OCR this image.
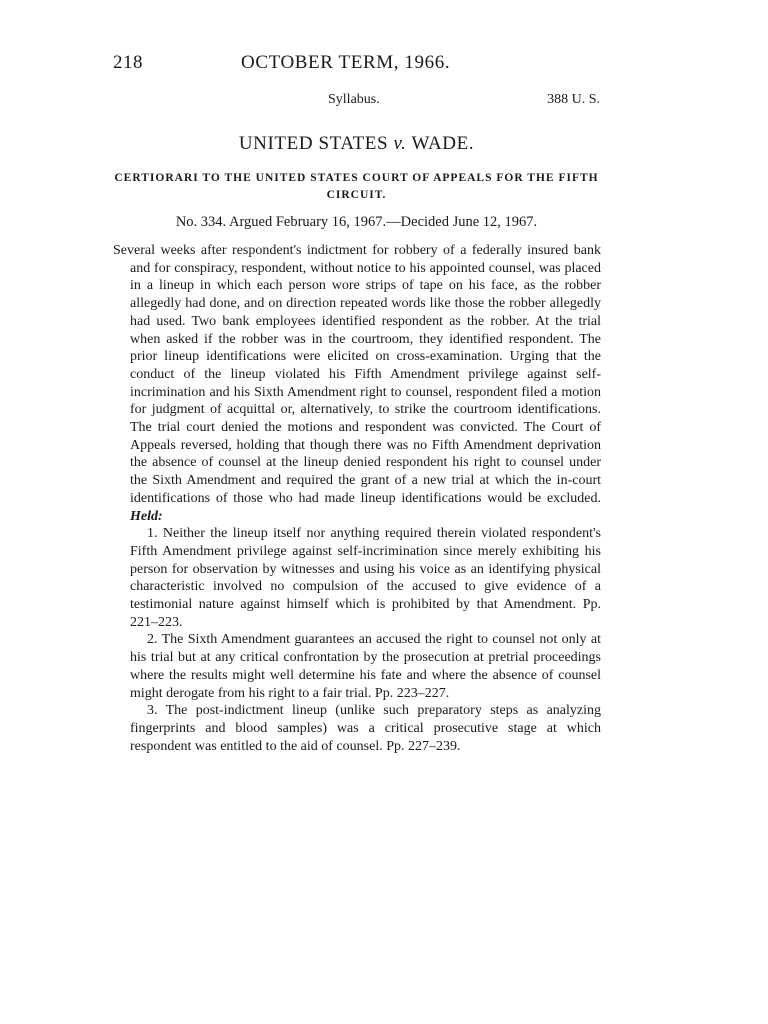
218	OCTOBER TERM, 1966.
Syllabus.	388 U. S.
UNITED STATES v. WADE.
CERTIORARI TO THE UNITED STATES COURT OF APPEALS FOR THE FIFTH CIRCUIT.
No. 334. Argued February 16, 1967.—Decided June 12, 1967.

Several weeks after respondent's indictment for robbery of a federally insured bank and for conspiracy, respondent, without notice to his appointed counsel, was placed in a lineup in which each person wore strips of tape on his face, as the robber allegedly had done, and on direction repeated words like those the robber allegedly had used. Two bank employees identified respondent as the robber. At the trial when asked if the robber was in the courtroom, they identified respondent. The prior lineup identifications were elicited on cross-examination. Urging that the conduct of the lineup violated his Fifth Amendment privilege against self-incrimination and his Sixth Amendment right to counsel, respondent filed a motion for judgment of acquittal or, alternatively, to strike the courtroom identifications. The trial court denied the motions and respondent was convicted. The Court of Appeals reversed, holding that though there was no Fifth Amendment deprivation the absence of counsel at the lineup denied respondent his right to counsel under the Sixth Amendment and required the grant of a new trial at which the in-court identifications of those who had made lineup identifications would be excluded. Held:

1. Neither the lineup itself nor anything required therein violated respondent's Fifth Amendment privilege against self-incrimination since merely exhibiting his person for observation by witnesses and using his voice as an identifying physical characteristic involved no compulsion of the accused to give evidence of a testimonial nature against himself which is prohibited by that Amendment. Pp. 221–223.

2. The Sixth Amendment guarantees an accused the right to counsel not only at his trial but at any critical confrontation by the prosecution at pretrial proceedings where the results might well determine his fate and where the absence of counsel might derogate from his right to a fair trial. Pp. 223–227.

3. The post-indictment lineup (unlike such preparatory steps as analyzing fingerprints and blood samples) was a critical prosecutive stage at which respondent was entitled to the aid of counsel. Pp. 227–239.
